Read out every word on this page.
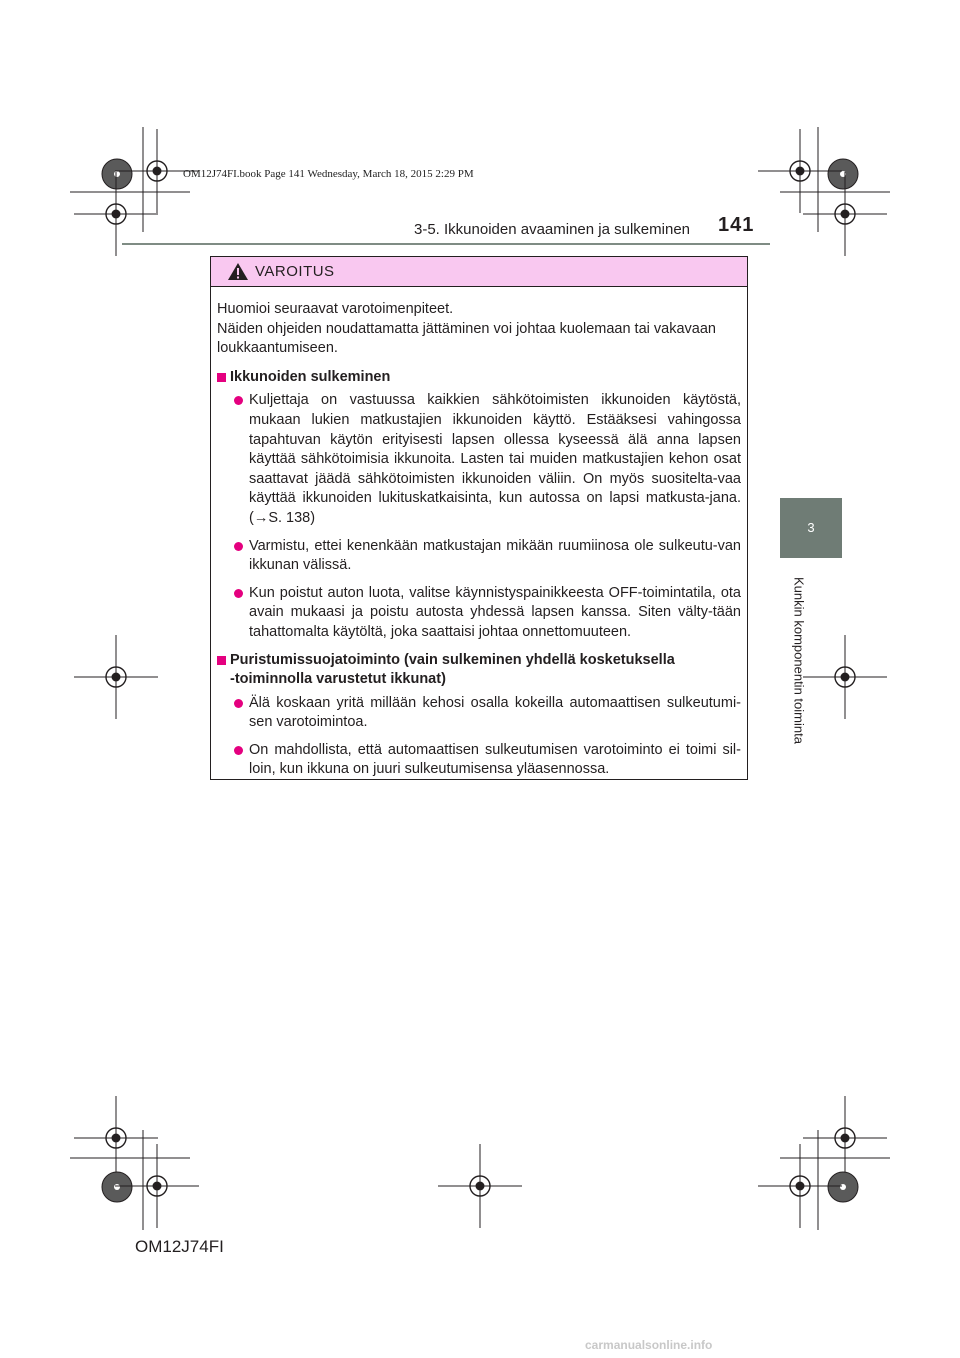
OM12J74FI.book Page 141 Wednesday, March 18, 2015 2:29 PM
3-5. Ikkunoiden avaaminen ja sulkeminen 141
3
Kunkin komponentin toiminta
VAROITUS

Huomioi seuraavat varotoimenpiteet.

Näiden ohjeiden noudattamatta jättäminen voi johtaa kuolemaan tai vakavaan loukkaantumiseen.

Ikkunoiden sulkeminen
Kuljettaja on vastuussa kaikkien sähkötoimisten ikkunoiden käytöstä, mukaan lukien matkustajien ikkunoiden käyttö. Estääksesi vahingossa tapahtuvan käytön erityisesti lapsen ollessa kyseessä älä anna lapsen käyttää sähkötoimisia ikkunoita. Lasten tai muiden matkustajien kehon osat saattavat jäädä sähkötoimisten ikkunoiden väliin. On myös suositelta-vaa käyttää ikkunoiden lukituskatkaisinta, kun autossa on lapsi matkusta-jana. (→S. 138)
Varmistu, ettei kenenkään matkustajan mikään ruumiinosa ole sulkeutu-van ikkunan välissä.
Kun poistut auton luota, valitse käynnistyspainikkeesta OFF-toimintatila, ota avain mukaasi ja poistu autosta yhdessä lapsen kanssa. Siten välty-tään tahattomalta käytöltä, joka saattaisi johtaa onnettomuuteen.
Puristumissuojatoiminto (vain sulkeminen yhdellä kosketuksella
-toiminnolla varustetut ikkunat)
Älä koskaan yritä millään kehosi osalla kokeilla automaattisen sulkeutumi-sen varotoimintoa.
On mahdollista, että automaattisen sulkeutumisen varotoiminto ei toimi sil-loin, kun ikkuna on juuri sulkeutumisensa yläasennossa.
OM12J74FI
carmanualsonline.info
